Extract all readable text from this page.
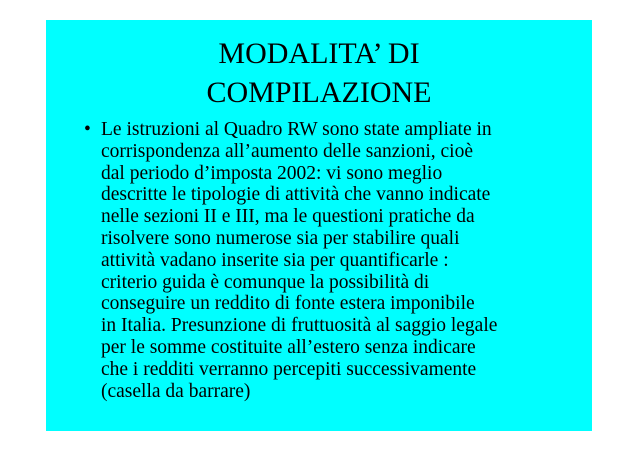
MODALITA’ DI
COMPILAZIONE
• Le istruzioni al Quadro RW sono state ampliate in
corrispondenza all’aumento delle sanzioni, cioè
dal periodo d’imposta 2002: vi sono meglio
descritte le tipologie di attività che vanno indicate
nelle sezioni II e III, ma le questioni pratiche da
risolvere sono numerose sia per stabilire quali
attività vadano inserite sia per quantificarle :
criterio guida è comunque la possibilità di
conseguire un reddito di fonte estera imponibile
in Italia. Presunzione di fruttuosità al saggio legale
per le somme costituite all’estero senza indicare
che i redditi verranno percepiti successivamente
(casella da barrare)
